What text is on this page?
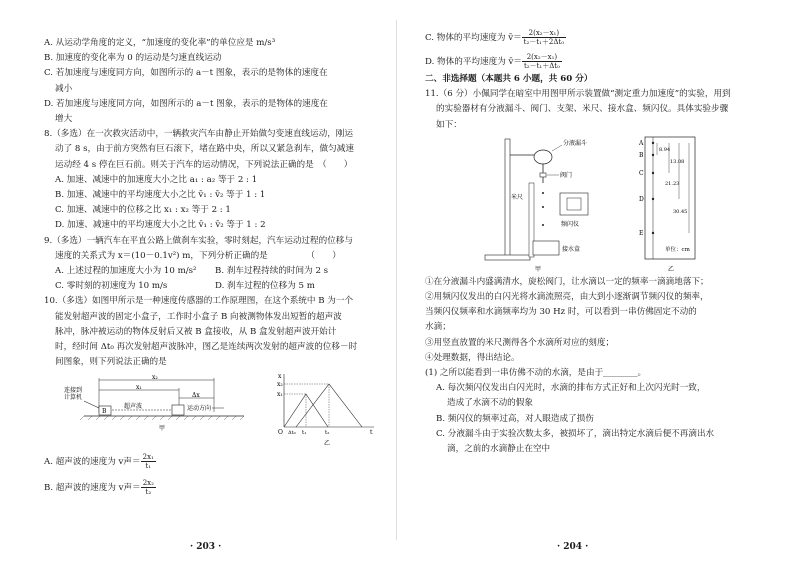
A. 从运动学角度的定义，“加速度的变化率”的单位应是 m/s³

B. 加速度的变化率为 0 的运动是匀速直线运动

C. 若加速度与速度同方向，如图所示的 a－t 图象，表示的是物体的速度在

减小

D. 若加速度与速度同方向，如图所示的 a－t 图象，表示的是物体的速度在

增大

8.（多选）在一次救灾活动中，一辆救灾汽车由静止开始做匀变速直线运动，刚运

动了 8 s，由于前方突然有巨石滚下，堵在路中央，所以又紧急刹车，做匀减速

运动经 4 s 停在巨石前。则关于汽车的运动情况，下列说法正确的是　（　　）

A. 加速、减速中的加速度大小之比 a₁ : a₂ 等于 2 : 1

B. 加速、减速中的平均速度大小之比 v̄₁ : v̄₂ 等于 1 : 1

C. 加速、减速中的位移之比 x₁ : x₂ 等于 2 : 1

D. 加速、减速中的平均速度大小之比 v̄₁ : v̄₂ 等于 1 : 2

9.（多选）一辆汽车在平直公路上做刹车实验，零时刻起，汽车运动过程的位移与

速度的关系式为 x＝(10－0.1v²) m，下列分析正确的是　　　　　（　　）

A. 上述过程的加速度大小为 10 m/s² B. 刹车过程持续的时间为 2 s

C. 零时刻的初速度为 10 m/s	D. 刹车过程的位移为 5 m

10.（多选）如图甲所示是一种速度传感器的工作原理图，在这个系统中 B 为一个

能发射超声波的固定小盒子，工作时小盒子 B 向被测物体发出短暂的超声波

脉冲，脉冲被运动的物体反射后又被 B 盒接收，从 B 盒发射超声波开始计

时，经时间 Δt₀ 再次发射超声波脉冲，图乙是连续两次发射的超声波的位移－时

间图象，则下列说法正确的是

连接到
计算机
x₂
x₁
Δx
B
超声波	运动方向
甲
x
t
x₂
x₁
O	t₁
Δt₀	t₂
乙

A. 超声波的速度为 v声＝ $\frac{\text{2x₁}}{\text{t₁}}$

B. 超声波的速度为 v声＝ $\frac{\text{2x₂}}{\text{t₂}}$

· 203 ·

C. 物体的平均速度为 v̄＝ $\frac{\text{2(x₂－x₁)}}{\text{t₂－t₁＋2Δt₀}}$

D. 物体的平均速度为 v̄＝ $\frac{\text{2(x₂－x₁)}}{\text{t₂－t₁＋Δt₀}}$

二、非选择题（本题共 6 小题，共 60 分）

11.（6 分）小佩同学在暗室中用图甲所示装置做“测定重力加速度”的实验，用到

的实验器材有分液漏斗、阀门、支架、米尺、接水盒、频闪仪。具体实验步骤

如下：

分液漏斗
阀门
米尺
频闪仪
接水盒
甲
A
B
C
D
E
8.94
13.08
21.23
30.45
单位：cm
乙

①在分液漏斗内盛满清水，旋松阀门，让水滴以一定的频率一滴滴地落下；

②用频闪仪发出的白闪光将水滴流照亮，由大到小逐渐调节频闪仪的频率，

当频闪仪频率和水滴频率均为 30 Hz 时，可以看到一串仿佛固定不动的

水滴；

③用竖直放置的米尺测得各个水滴所对应的刻度；

④处理数据，得出结论。

(1) 之所以能看到一串仿佛不动的水滴，是由于________。

A. 每次频闪仪发出白闪光时，水滴的排布方式正好和上次闪光时一致，

造成了水滴不动的假象

B. 频闪仪的频率过高，对人眼造成了损伤

C. 分液漏斗由于实验次数太多，被损坏了，滴出特定水滴后便不再滴出水

滴，之前的水滴静止在空中

· 204 ·
